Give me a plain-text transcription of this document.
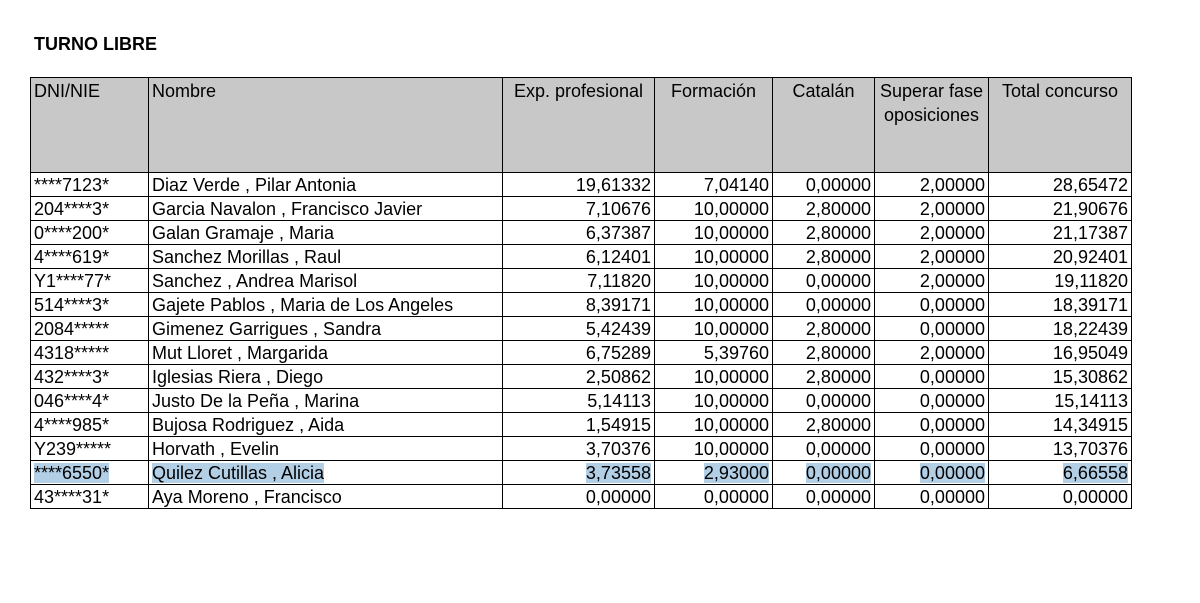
TURNO LIBRE
DNI/NIE	Nombre	Exp. profesional	Formación	Catalán	Superar fase oposiciones	Total concurso
****7123*	Diaz Verde , Pilar Antonia	19,61332	7,04140	0,00000	2,00000	28,65472
204****3*	Garcia Navalon , Francisco Javier	7,10676	10,00000	2,80000	2,00000	21,90676
0****200*	Galan Gramaje , Maria	6,37387	10,00000	2,80000	2,00000	21,17387
4****619*	Sanchez Morillas , Raul	6,12401	10,00000	2,80000	2,00000	20,92401
Y1****77*	Sanchez , Andrea Marisol	7,11820	10,00000	0,00000	2,00000	19,11820
514****3*	Gajete Pablos , Maria de Los Angeles	8,39171	10,00000	0,00000	0,00000	18,39171
2084*****	Gimenez Garrigues , Sandra	5,42439	10,00000	2,80000	0,00000	18,22439
4318*****	Mut Lloret , Margarida	6,75289	5,39760	2,80000	2,00000	16,95049
432****3*	Iglesias Riera , Diego	2,50862	10,00000	2,80000	0,00000	15,30862
046****4*	Justo De la Peña , Marina	5,14113	10,00000	0,00000	0,00000	15,14113
4****985*	Bujosa Rodriguez , Aida	1,54915	10,00000	2,80000	0,00000	14,34915
Y239*****	Horvath , Evelin	3,70376	10,00000	0,00000	0,00000	13,70376
****6550*	Quilez Cutillas , Alicia	3,73558	2,93000	0,00000	0,00000	6,66558
43****31*	Aya Moreno , Francisco	0,00000	0,00000	0,00000	0,00000	0,00000
